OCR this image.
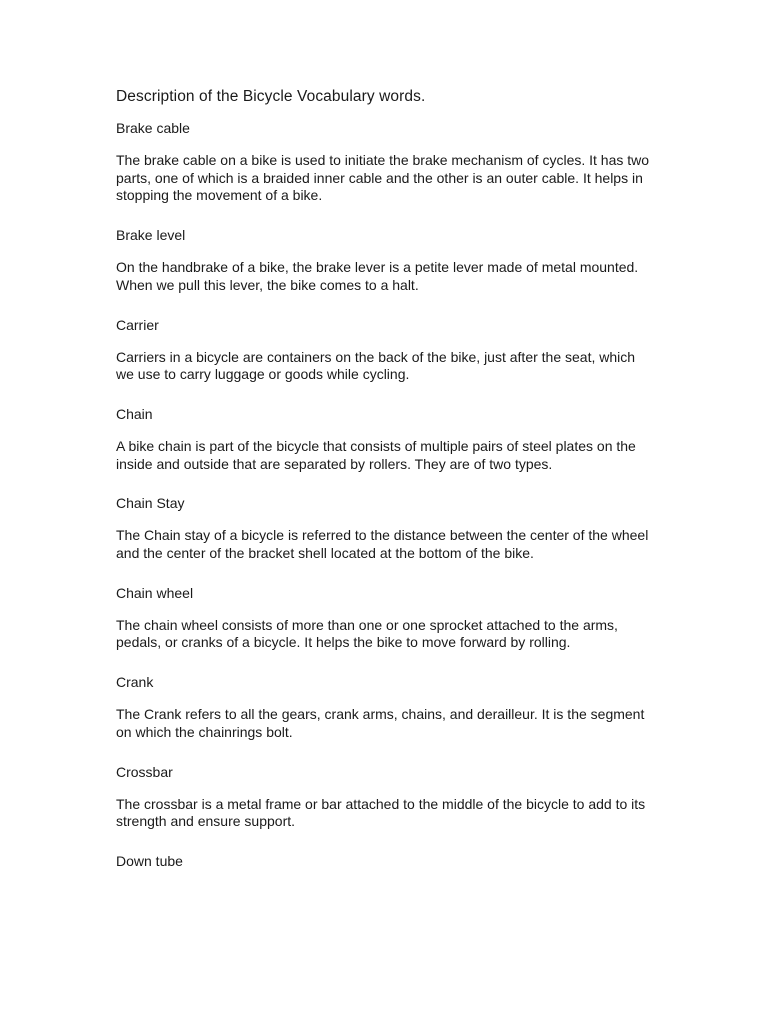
Description of the Bicycle Vocabulary words.

Brake cable

The brake cable on a bike is used to initiate the brake mechanism of cycles. It has two parts, one of which is a braided inner cable and the other is an outer cable. It helps in stopping the movement of a bike.

Brake level

On the handbrake of a bike, the brake lever is a petite lever made of metal mounted. When we pull this lever, the bike comes to a halt.

Carrier

Carriers in a bicycle are containers on the back of the bike, just after the seat, which we use to carry luggage or goods while cycling.

Chain

A bike chain is part of the bicycle that consists of multiple pairs of steel plates on the inside and outside that are separated by rollers. They are of two types.

Chain Stay

The Chain stay of a bicycle is referred to the distance between the center of the wheel and the center of the bracket shell located at the bottom of the bike.

Chain wheel

The chain wheel consists of more than one or one sprocket attached to the arms, pedals, or cranks of a bicycle. It helps the bike to move forward by rolling.

Crank

The Crank refers to all the gears, crank arms, chains, and derailleur. It is the segment on which the chainrings bolt.

Crossbar

The crossbar is a metal frame or bar attached to the middle of the bicycle to add to its strength and ensure support.

Down tube
